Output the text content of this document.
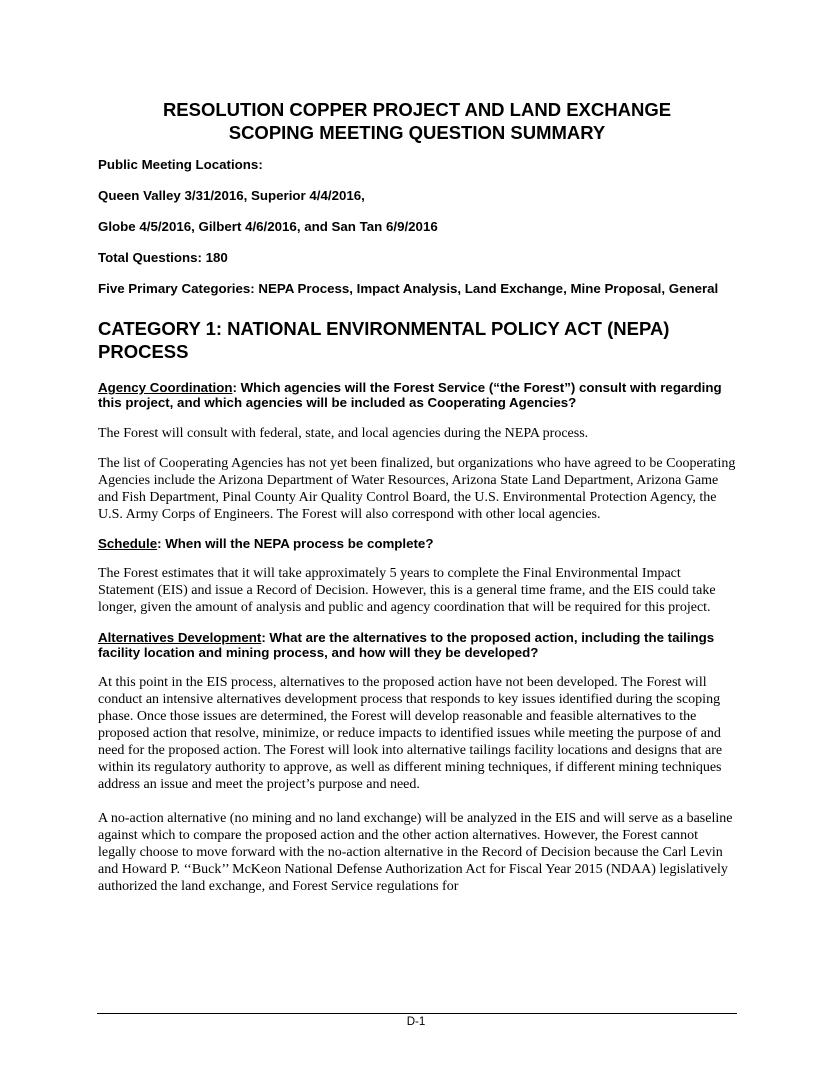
RESOLUTION COPPER PROJECT AND LAND EXCHANGE
SCOPING MEETING QUESTION SUMMARY

Public Meeting Locations:

Queen Valley 3/31/2016, Superior 4/4/2016,

Globe 4/5/2016, Gilbert 4/6/2016, and San Tan 6/9/2016

Total Questions: 180

Five Primary Categories: NEPA Process, Impact Analysis, Land Exchange, Mine Proposal, General

CATEGORY 1: NATIONAL ENVIRONMENTAL POLICY ACT (NEPA) PROCESS

Agency Coordination: Which agencies will the Forest Service (“the Forest”) consult with regarding this project, and which agencies will be included as Cooperating Agencies?

The Forest will consult with federal, state, and local agencies during the NEPA process.

The list of Cooperating Agencies has not yet been finalized, but organizations who have agreed to be Cooperating Agencies include the Arizona Department of Water Resources, Arizona State Land Department, Arizona Game and Fish Department, Pinal County Air Quality Control Board, the U.S. Environmental Protection Agency, the U.S. Army Corps of Engineers. The Forest will also correspond with other local agencies.

Schedule: When will the NEPA process be complete?

The Forest estimates that it will take approximately 5 years to complete the Final Environmental Impact Statement (EIS) and issue a Record of Decision. However, this is a general time frame, and the EIS could take longer, given the amount of analysis and public and agency coordination that will be required for this project.

Alternatives Development: What are the alternatives to the proposed action, including the tailings facility location and mining process, and how will they be developed?

At this point in the EIS process, alternatives to the proposed action have not been developed. The Forest will conduct an intensive alternatives development process that responds to key issues identified during the scoping phase. Once those issues are determined, the Forest will develop reasonable and feasible alternatives to the proposed action that resolve, minimize, or reduce impacts to identified issues while meeting the purpose of and need for the proposed action. The Forest will look into alternative tailings facility locations and designs that are within its regulatory authority to approve, as well as different mining techniques, if different mining techniques address an issue and meet the project’s purpose and need.

A no-action alternative (no mining and no land exchange) will be analyzed in the EIS and will serve as a baseline against which to compare the proposed action and the other action alternatives. However, the Forest cannot legally choose to move forward with the no-action alternative in the Record of Decision because the Carl Levin and Howard P. ‘‘Buck’’ McKeon National Defense Authorization Act for Fiscal Year 2015 (NDAA) legislatively authorized the land exchange, and Forest Service regulations for

D-1
